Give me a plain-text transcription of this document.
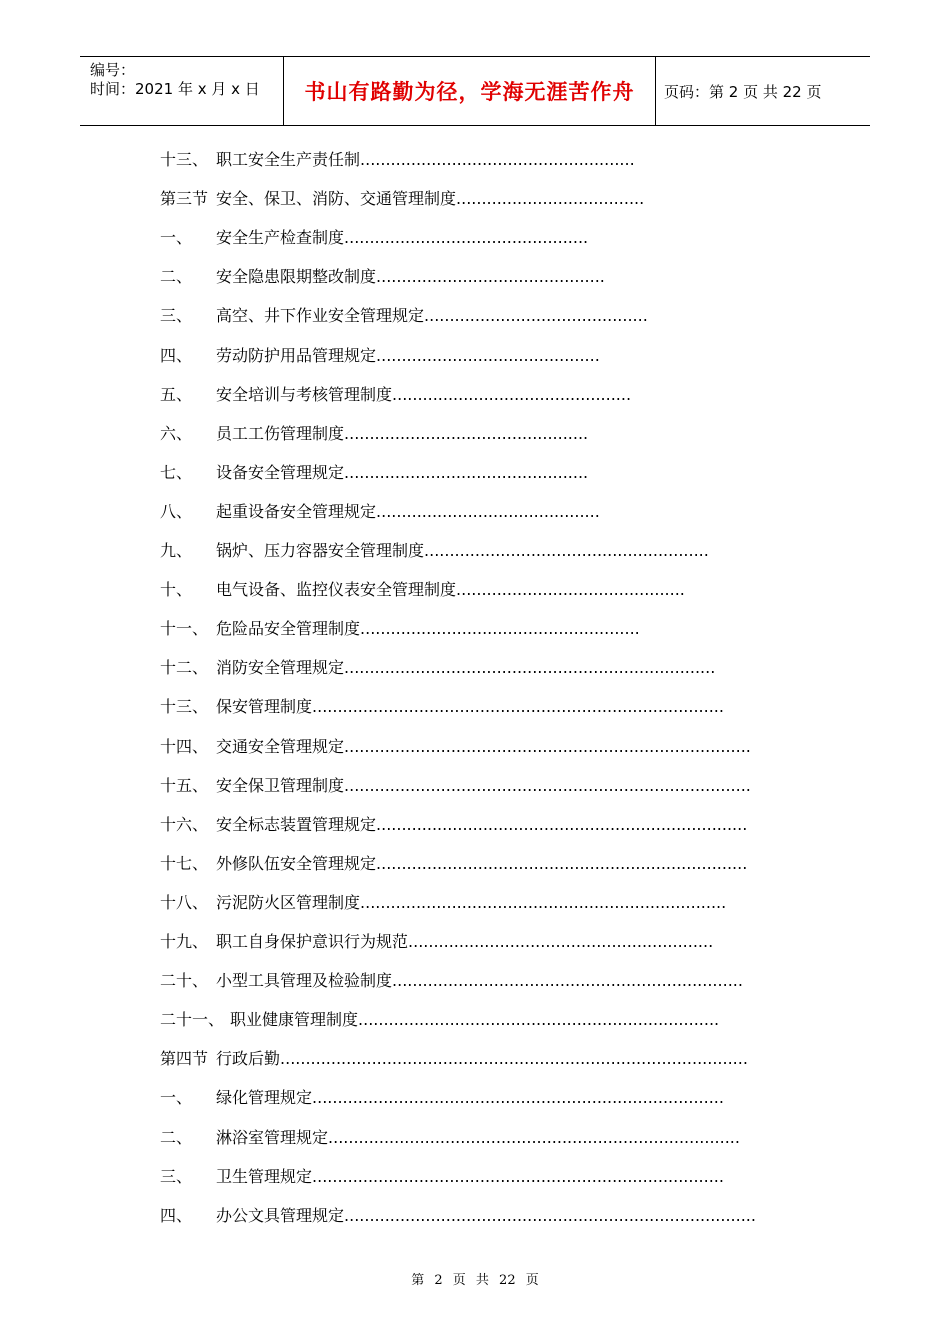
编号：
时间：2021 年 x 月 x 日	书山有路勤为径，学海无涯苦作舟 页码：第 2 页 共 22 页
十三、 职工安全生产责任制......................................................
第三节 安全、保卫、消防、交通管理制度.....................................
一、 安全生产检查制度................................................
二、 安全隐患限期整改制度.............................................
三、 高空、井下作业安全管理规定............................................
四、 劳动防护用品管理规定............................................
五、 安全培训与考核管理制度...............................................
六、 员工工伤管理制度................................................
七、 设备安全管理规定................................................
八、 起重设备安全管理规定............................................
九、 锅炉、压力容器安全管理制度........................................................
十、 电气设备、监控仪表安全管理制度.............................................
十一、 危险品安全管理制度.......................................................
十二、 消防安全管理规定.........................................................................
十三、 保安管理制度.................................................................................
十四、 交通安全管理规定................................................................................
十五、 安全保卫管理制度................................................................................
十六、 安全标志装置管理规定.........................................................................
十七、 外修队伍安全管理规定.........................................................................
十八、 污泥防火区管理制度........................................................................
十九、 职工自身保护意识行为规范............................................................
二十、 小型工具管理及检验制度.....................................................................
二十一、 职业健康管理制度.......................................................................
第四节 行政后勤............................................................................................
一、 绿化管理规定.................................................................................
二、 淋浴室管理规定.................................................................................
三、 卫生管理规定.................................................................................
四、 办公文具管理规定.................................................................................
第 2 页 共 22 页
